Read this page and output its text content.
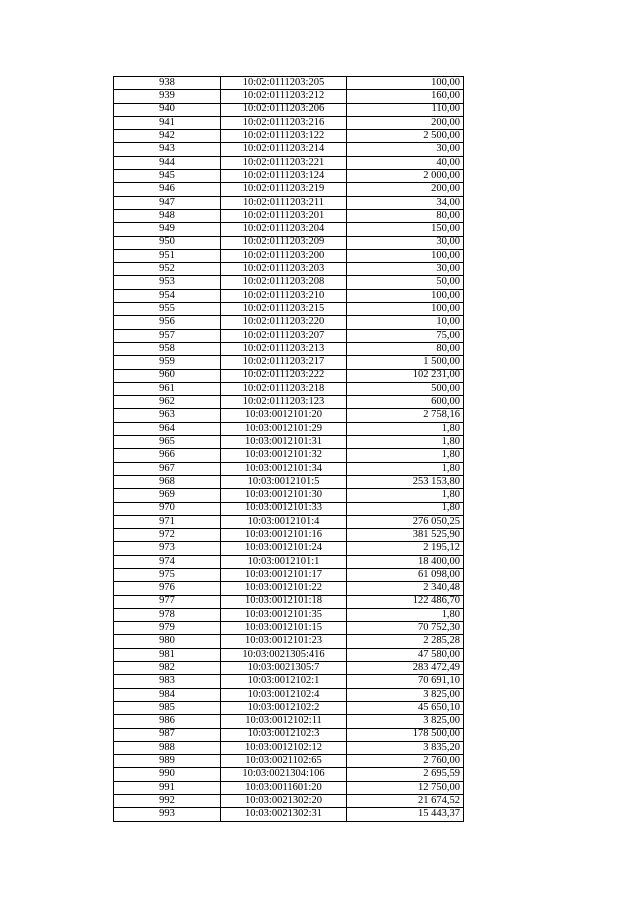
938	10:02:0111203:205	100,00
939	10:02:0111203:212	160,00
940	10:02:0111203:206	110,00
941	10:02:0111203:216	200,00
942	10:02:0111203:122	2 500,00
943	10:02:0111203:214	30,00
944	10:02:0111203:221	40,00
945	10:02:0111203:124	2 000,00
946	10:02:0111203:219	200,00
947	10:02:0111203:211	34,00
948	10:02:0111203:201	80,00
949	10:02:0111203:204	150,00
950	10:02:0111203:209	30,00
951	10:02:0111203:200	100,00
952	10:02:0111203:203	30,00
953	10:02:0111203:208	50,00
954	10:02:0111203:210	100,00
955	10:02:0111203:215	100,00
956	10:02:0111203:220	10,00
957	10:02:0111203:207	75,00
958	10:02:0111203:213	80,00
959	10:02:0111203:217	1 500,00
960	10:02:0111203:222	102 231,00
961	10:02:0111203:218	500,00
962	10:02:0111203:123	600,00
963	10:03:0012101:20	2 758,16
964	10:03:0012101:29	1,80
965	10:03:0012101:31	1,80
966	10:03:0012101:32	1,80
967	10:03:0012101:34	1,80
968	10:03:0012101:5	253 153,80
969	10:03:0012101:30	1,80
970	10:03:0012101:33	1,80
971	10:03:0012101:4	276 050,25
972	10:03:0012101:16	381 525,90
973	10:03:0012101:24	2 195,12
974	10:03:0012101:1	18 400,00
975	10:03:0012101:17	61 098,00
976	10:03:0012101:22	2 340,48
977	10:03:0012101:18	122 486,70
978	10:03:0012101:35	1,80
979	10:03:0012101:15	70 752,30
980	10:03:0012101:23	2 285,28
981	10:03:0021305:416	47 580,00
982	10:03:0021305:7	283 472,49
983	10:03:0012102:1	70 691,10
984	10:03:0012102:4	3 825,00
985	10:03:0012102:2	45 650,10
986	10:03:0012102:11	3 825,00
987	10:03:0012102:3	178 500,00
988	10:03:0012102:12	3 835,20
989	10:03:0021102:65	2 760,00
990	10:03:0021304:106	2 695,59
991	10:03:0011601:20	12 750,00
992	10:03:0021302:20	21 674,52
993	10:03:0021302:31	15 443,37
